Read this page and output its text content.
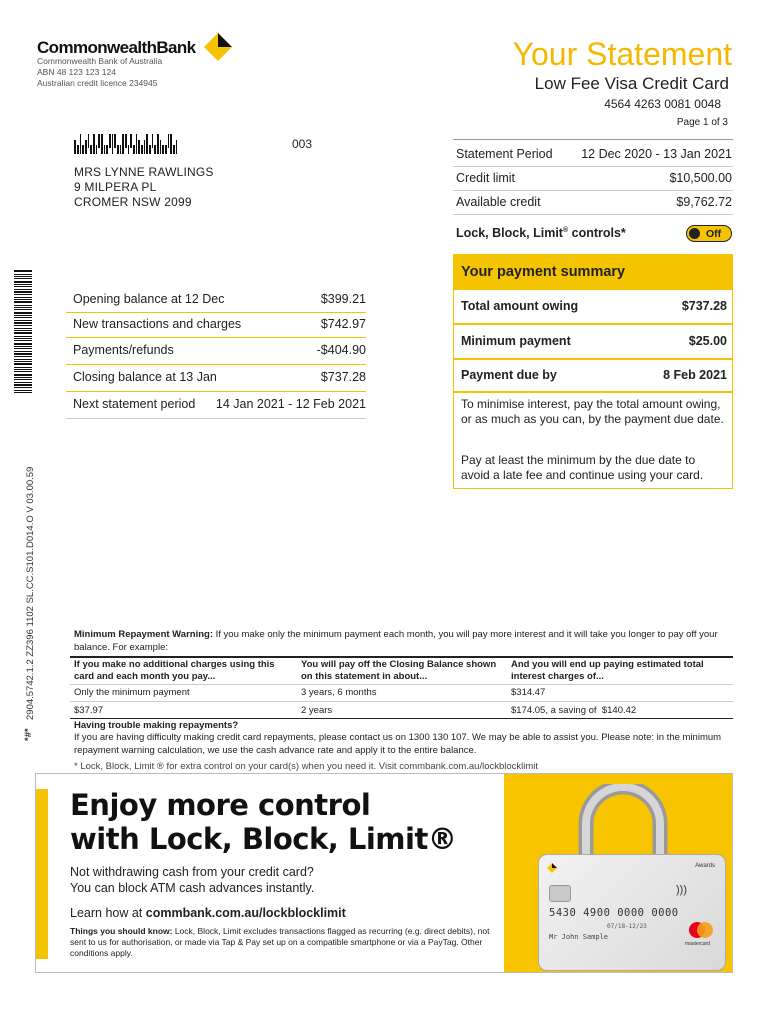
CommonwealthBank
Commonwealth Bank of Australia
ABN 48 123 123 124
Australian credit licence 234945
Your Statement
Low Fee Visa Credit Card
4564 4263 0081 0048
Page 1 of 3
003
MRS LYNNE RAWLINGS
9 MILPERA PL
CROMER NSW 2099
2904.5742.1.2 ZZ396 1102 SL.CC.S101.D014.O V 03.00.59
*#*
Statement Period 12 Dec 2020 - 13 Jan 2021
Credit limit	$10,500.00
Available credit	$9,762.72
Lock, Block, Limit® controls*	Off
Your payment summary
Total amount owing	$737.28
Minimum payment	$25.00
Payment due by	8 Feb 2021
To minimise interest, pay the total amount owing, or as much as you can, by the payment due date.
Pay at least the minimum by the due date to avoid a late fee and continue using your card.
Opening balance at 12 Dec	$399.21
New transactions and charges	$742.97
Payments/refunds	-$404.90
Closing balance at 13 Jan	$737.28
Next statement period 14 Jan 2021 - 12 Feb 2021
Minimum Repayment Warning: If you make only the minimum payment each month, you will pay more interest and it will take you longer to pay off your balance. For example:
If you make no additional charges using this card and each month you pay...
You will pay off the Closing Balance shown on this statement in about...
And you will end up paying estimated total interest charges of...
Only the minimum payment	3 years, 6 months	$314.47
$37.97	2 years	$174.05, a saving of  $140.42
Having trouble making repayments?
If you are having difficulty making credit card repayments, please contact us on 1300 130 107. We may be able to assist you. Please note: in the minimum repayment warning calculation, we use the cash advance rate and apply it to the entire balance.
* Lock, Block, Limit ® for extra control on your card(s) when you need it. Visit commbank.com.au/lockblocklimit
Enjoy more control
with Lock, Block, Limit®
Not withdrawing cash from your credit card?
You can block ATM cash advances instantly.
Learn how at commbank.com.au/lockblocklimit
Things you should know: Lock, Block, Limit excludes transactions flagged as recurring (e.g. direct debits), not sent to us for authorisation, or made via Tap & Pay set up on a compatible smartphone or via a PayTag. Other conditions apply.
Awards
)))
5430 4900 0000 0000
07/18-12/23
Mr John Sample
mastercard
